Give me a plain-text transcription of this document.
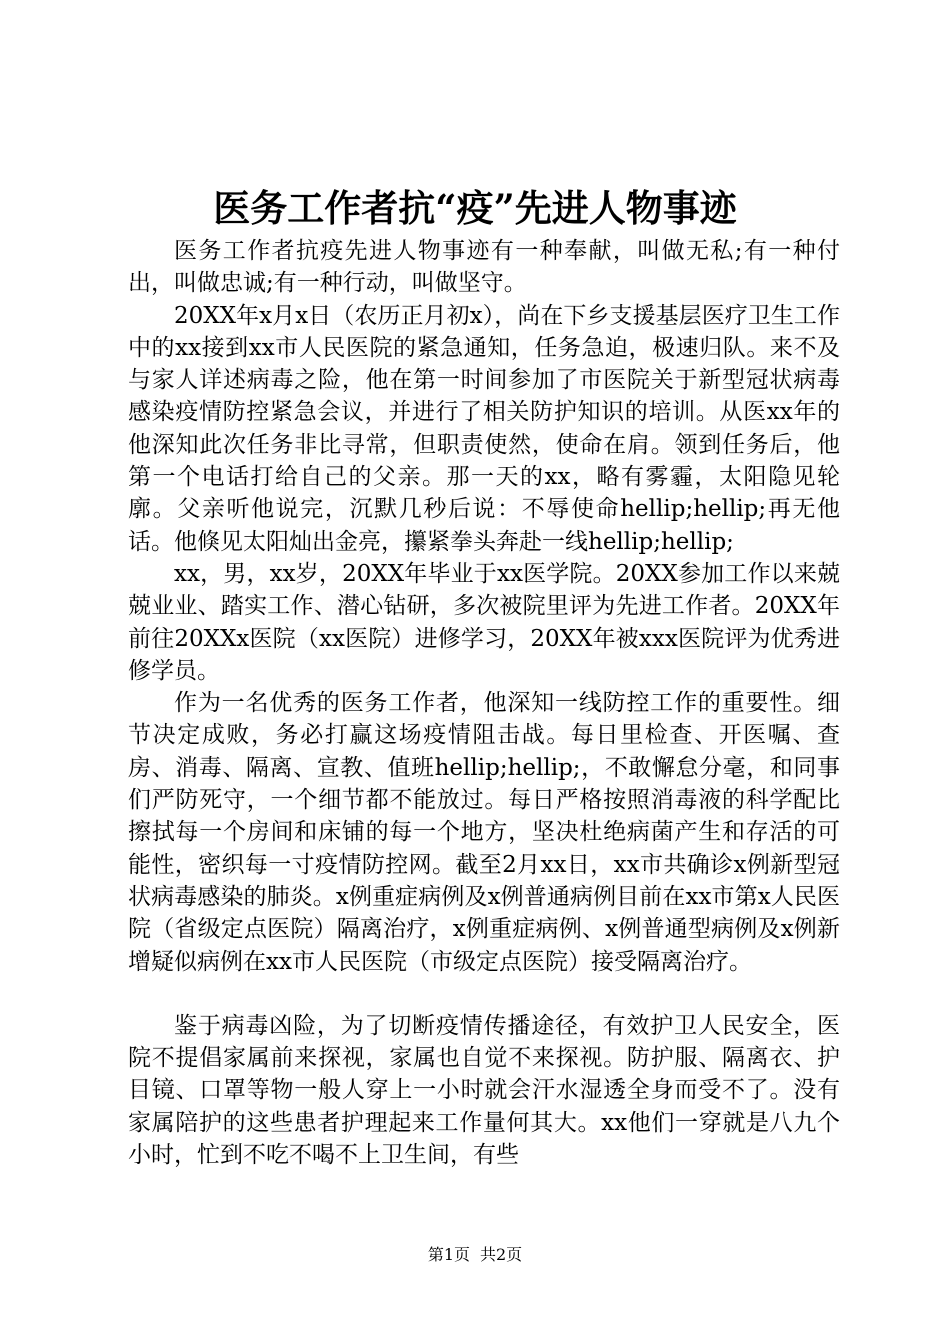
医务工作者抗“疫”先进人物事迹

医务工作者抗疫先进人物事迹有一种奉献，叫做无私;有一种付出，叫做忠诚;有一种行动，叫做坚守。

20XX年x月x日（农历正月初x），尚在下乡支援基层医疗卫生工作中的xx接到xx市人民医院的紧急通知，任务急迫，极速归队。来不及与家人详述病毒之险，他在第一时间参加了市医院关于新型冠状病毒感染疫情防控紧急会议，并进行了相关防护知识的培训。从医xx年的他深知此次任务非比寻常，但职责使然，使命在肩。领到任务后，他第一个电话打给自己的父亲。那一天的xx，略有雾霾，太阳隐见轮廓。父亲听他说完，沉默几秒后说：不辱使命hellip;hellip;再无他话。他倏见太阳灿出金亮，攥紧拳头奔赴一线hellip;hellip;

xx，男，xx岁，20XX年毕业于xx医学院。20XX参加工作以来兢兢业业、踏实工作、潜心钻研，多次被院里评为先进工作者。20XX年前往20XXx医院（xx医院）进修学习，20XX年被xxx医院评为优秀进修学员。

作为一名优秀的医务工作者，他深知一线防控工作的重要性。细节决定成败，务必打赢这场疫情阻击战。每日里检查、开医嘱、查房、消毒、隔离、宣教、值班hellip;hellip;，不敢懈怠分毫，和同事们严防死守，一个细节都不能放过。每日严格按照消毒液的科学配比擦拭每一个房间和床铺的每一个地方，坚决杜绝病菌产生和存活的可能性，密织每一寸疫情防控网。截至2月xx日，xx市共确诊x例新型冠状病毒感染的肺炎。x例重症病例及x例普通病例目前在xx市第x人民医院（省级定点医院）隔离治疗，x例重症病例、x例普通型病例及x例新增疑似病例在xx市人民医院（市级定点医院）接受隔离治疗。

鉴于病毒凶险，为了切断疫情传播途径，有效护卫人民安全，医院不提倡家属前来探视，家属也自觉不来探视。防护服、隔离衣、护目镜、口罩等物一般人穿上一小时就会汗水湿透全身而受不了。没有家属陪护的这些患者护理起来工作量何其大。xx他们一穿就是八九个小时，忙到不吃不喝不上卫生间，有些

第1页 共2页
